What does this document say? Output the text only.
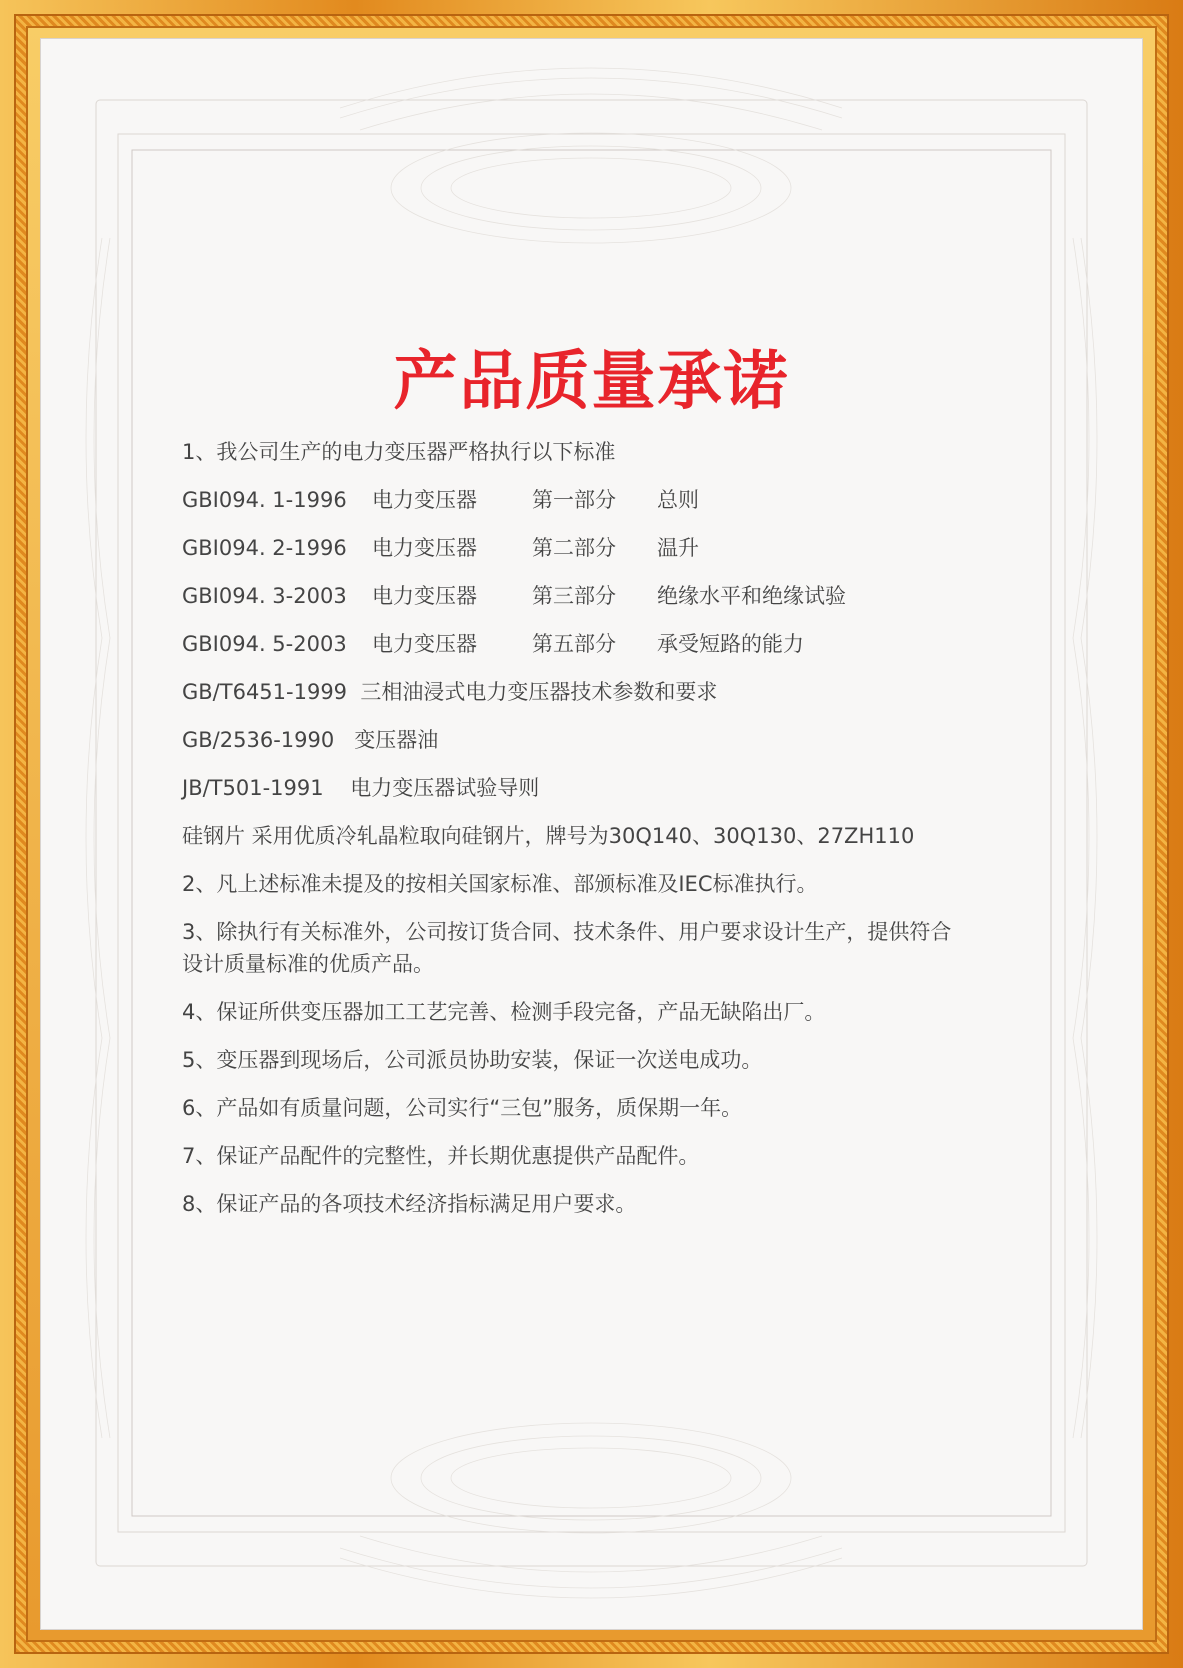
产品质量承诺
1、我公司生产的电力变压器严格执行以下标准
GBI094. 1-1996	电力变压器	第一部分	总则
GBI094. 2-1996	电力变压器	第二部分	温升
GBI094. 3-2003	电力变压器	第三部分	绝缘水平和绝缘试验
GBI094. 5-2003	电力变压器	第五部分	承受短路的能力
GB/T6451-1999  三相油浸式电力变压器技术参数和要求
GB/2536-1990   变压器油
JB/T501-1991    电力变压器试验导则
硅钢片 采用优质冷轧晶粒取向硅钢片，牌号为30Q140、30Q130、27ZH110
2、凡上述标准未提及的按相关国家标准、部颁标准及IEC标准执行。
3、除执行有关标准外，公司按订货合同、技术条件、用户要求设计生产，提供符合设计质量标准的优质产品。
4、保证所供变压器加工工艺完善、检测手段完备，产品无缺陷出厂。
5、变压器到现场后，公司派员协助安装，保证一次送电成功。
6、产品如有质量问题，公司实行“三包”服务，质保期一年。
7、保证产品配件的完整性，并长期优惠提供产品配件。
8、保证产品的各项技术经济指标满足用户要求。
